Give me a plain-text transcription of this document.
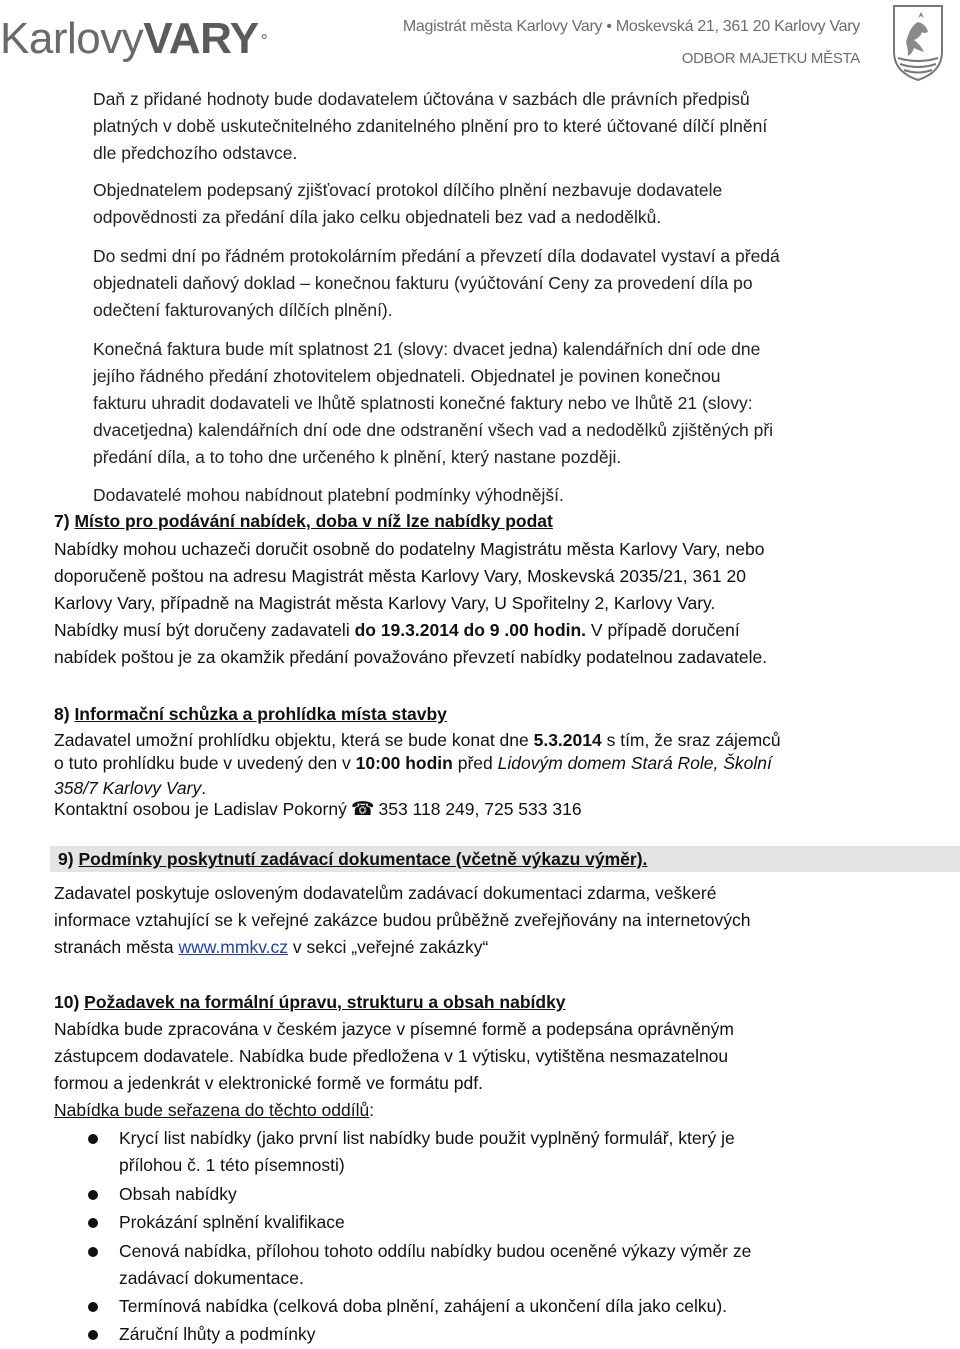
KarlovyVARY °
Magistrát města Karlovy Vary • Moskevská 21, 361 20 Karlovy Vary
ODBOR MAJETKU MĚSTA
Daň z přidané hodnoty bude dodavatelem účtována v sazbách dle právních předpisů
platných v době uskutečnitelného zdanitelného plnění pro to které účtované dílčí plnění
dle předchozího odstavce.
Objednatelem podepsaný zjišťovací protokol dílčího plnění nezbavuje dodavatele
odpovědnosti za předání díla jako celku objednateli bez vad a nedodělků.
Do sedmi dní po řádném protokolárním předání a převzetí díla dodavatel vystaví a předá
objednateli daňový doklad – konečnou fakturu (vyúčtování Ceny za provedení díla po
odečtení fakturovaných dílčích plnění).
Konečná faktura bude mít splatnost 21 (slovy: dvacet jedna) kalendářních dní ode dne
jejího řádného předání zhotovitelem objednateli. Objednatel je povinen konečnou
fakturu uhradit dodavateli ve lhůtě splatnosti konečné faktury nebo ve lhůtě 21 (slovy:
dvacetjedna) kalendářních dní ode dne odstranění všech vad a nedodělků zjištěných při
předání díla, a to toho dne určeného k plnění, který nastane později.
Dodavatelé mohou nabídnout platební podmínky výhodnější.
7) Místo pro podávání nabídek, doba v níž lze nabídky podat
Nabídky mohou uchazeči doručit osobně do podatelny Magistrátu města Karlovy Vary, nebo
doporučeně poštou na adresu Magistrát města Karlovy Vary, Moskevská 2035/21, 361 20
Karlovy Vary, případně na Magistrát města Karlovy Vary, U Spořitelny 2, Karlovy Vary.
Nabídky musí být doručeny zadavateli do 19.3.2014 do 9 .00 hodin. V případě doručení
nabídek poštou je za okamžik předání považováno převzetí nabídky podatelnou zadavatele.
8) Informační schůzka a prohlídka místa stavby
Zadavatel umožní prohlídku objektu, která se bude konat dne 5.3.2014 s tím, že sraz zájemců
o tuto prohlídku bude v uvedený den v 10:00 hodin před Lidovým domem Stará Role, Školní
358/7 Karlovy Vary.
Kontaktní osobou je Ladislav Pokorný ☎ 353 118 249, 725 533 316
9) Podmínky poskytnutí zadávací dokumentace (včetně výkazu výměr).
Zadavatel poskytuje osloveným dodavatelům zadávací dokumentaci zdarma, veškeré
informace vztahující se k veřejné zakázce budou průběžně zveřejňovány na internetových
stranách města www.mmkv.cz v sekci „veřejné zakázky“
10) Požadavek na formální úpravu, strukturu a obsah nabídky
Nabídka bude zpracována v českém jazyce v písemné formě a podepsána oprávněným
zástupcem dodavatele. Nabídka bude předložena v 1 výtisku, vytištěna nesmazatelnou
formou a jedenkrát v elektronické formě ve formátu pdf.
Nabídka bude seřazena do těchto oddílů:
Krycí list nabídky (jako první list nabídky bude použit vyplněný formulář, který je
přílohou č. 1 této písemnosti)
Obsah nabídky
Prokázání splnění kvalifikace
Cenová nabídka, přílohou tohoto oddílu nabídky budou oceněné výkazy výměr ze
zadávací dokumentace.
Termínová nabídka (celková doba plnění, zahájení a ukončení díla jako celku).
Záruční lhůty a podmínky
